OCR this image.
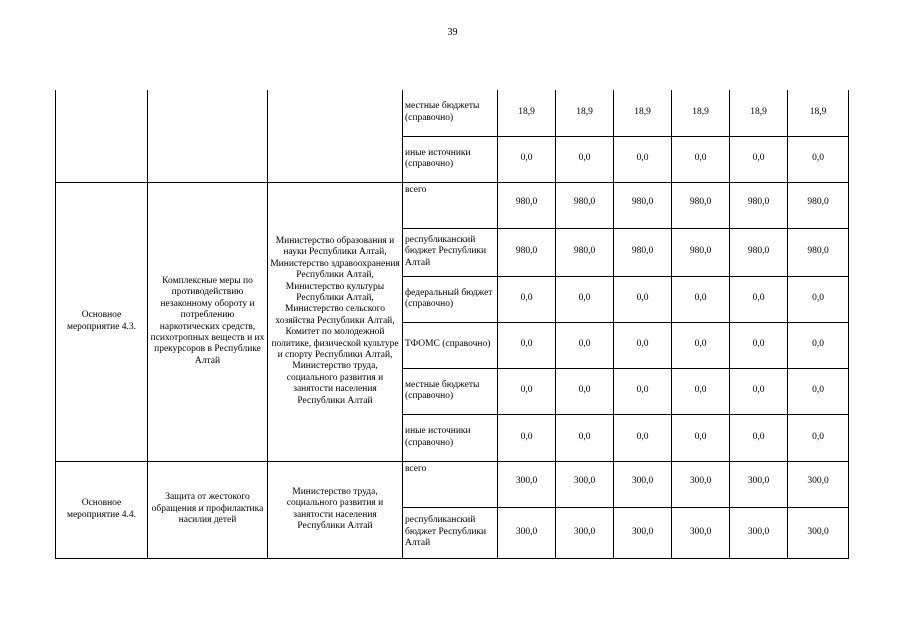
39
			местные бюджеты (справочно)	18,9	18,9	18,9	18,9	18,9	18,9
			иные источники (справочно)	0,0	0,0	0,0	0,0	0,0	0,0
Основное мероприятие 4.3.	Комплексные меры по противодействию незаконному обороту и потреблению наркотических средств, психотропных веществ и их прекурсоров в Республике Алтай	Министерство образования и науки Республики Алтай, Министерство здравоохранения Республики Алтай, Министерство культуры Республики Алтай, Министерство сельского хозяйства Республики Алтай, Комитет по молодежной политике, физической культуре и спорту Республики Алтай, Министерство труда, социального развития и занятости населения Республики Алтай	всего	980,0	980,0	980,0	980,0	980,0	980,0
			республиканский бюджет Республики Алтай	980,0	980,0	980,0	980,0	980,0	980,0
			федеральный бюджет (справочно)	0,0	0,0	0,0	0,0	0,0	0,0
			ТФОМС (справочно)	0,0	0,0	0,0	0,0	0,0	0,0
			местные бюджеты (справочно)	0,0	0,0	0,0	0,0	0,0	0,0
			иные источники (справочно)	0,0	0,0	0,0	0,0	0,0	0,0
Основное мероприятие 4.4.	Защита от жестокого обращения и профилактика насилия детей	Министерство труда, социального развития и занятости населения Республики Алтай	всего	300,0	300,0	300,0	300,0	300,0	300,0
			республиканский бюджет Республики Алтай	300,0	300,0	300,0	300,0	300,0	300,0
